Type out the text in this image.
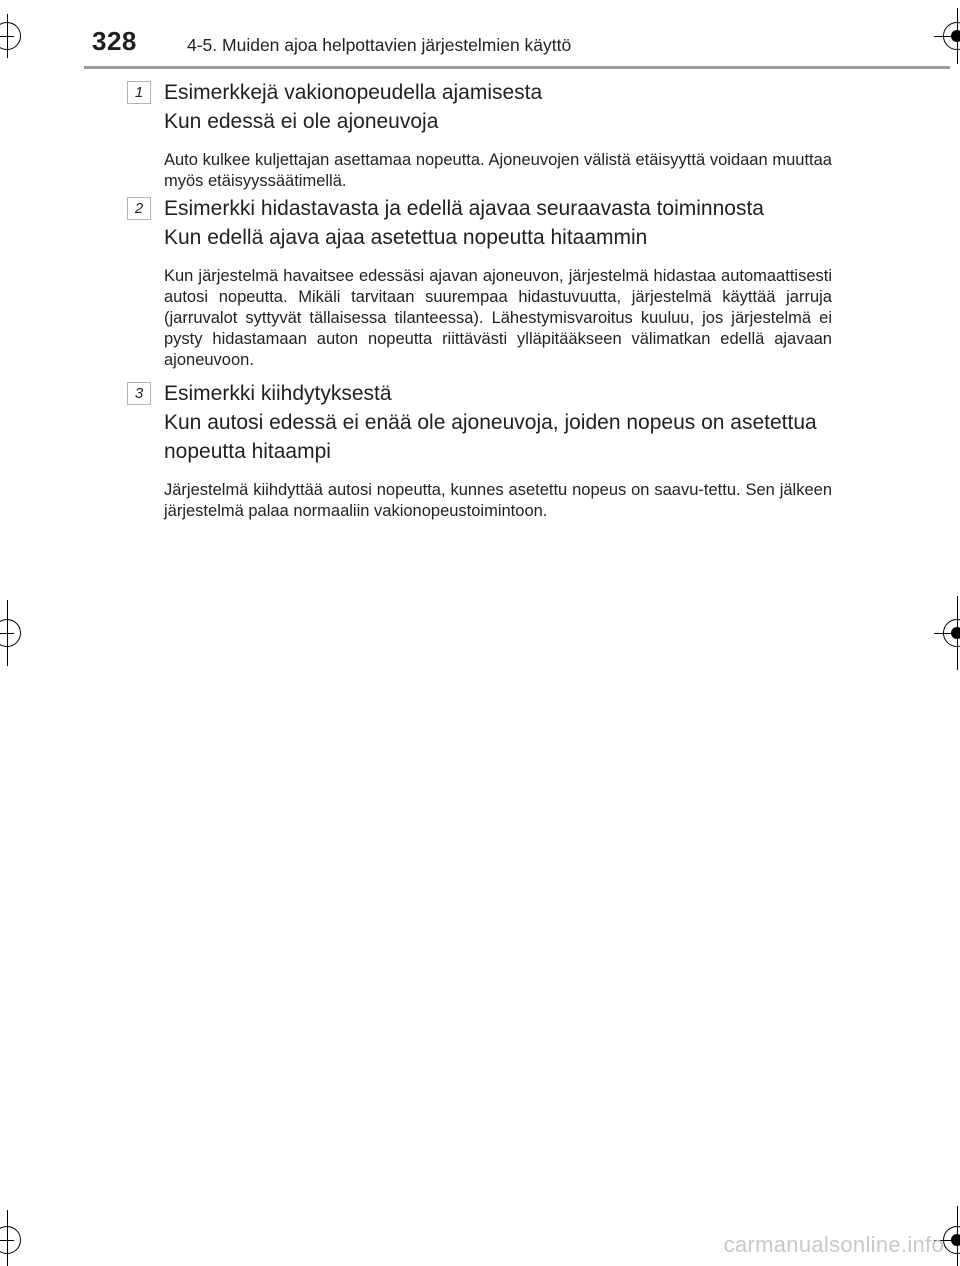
328	4-5. Muiden ajoa helpottavien järjestelmien käyttö
1 Esimerkkejä vakionopeudella ajamisesta
Kun edessä ei ole ajoneuvoja
Auto kulkee kuljettajan asettamaa nopeutta. Ajoneuvojen välistä etäisyyttä voidaan muuttaa myös etäisyyssäätimellä.
2 Esimerkki hidastavasta ja edellä ajavaa seuraavasta toiminnosta
Kun edellä ajava ajaa asetettua nopeutta hitaammin
Kun järjestelmä havaitsee edessäsi ajavan ajoneuvon, järjestelmä hidastaa automaattisesti autosi nopeutta. Mikäli tarvitaan suurempaa hidastuvuutta, järjestelmä käyttää jarruja (jarruvalot syttyvät tällaisessa tilanteessa). Lähestymisvaroitus kuuluu, jos järjestelmä ei pysty hidastamaan auton nopeutta riittävästi ylläpitääkseen välimatkan edellä ajavaan ajoneuvoon.
3 Esimerkki kiihdytyksestä
Kun autosi edessä ei enää ole ajoneuvoja, joiden nopeus on asetettua nopeutta hitaampi
Järjestelmä kiihdyttää autosi nopeutta, kunnes asetettu nopeus on saavu-tettu. Sen jälkeen järjestelmä palaa normaaliin vakionopeustoimintoon.
carmanualsonline.info
